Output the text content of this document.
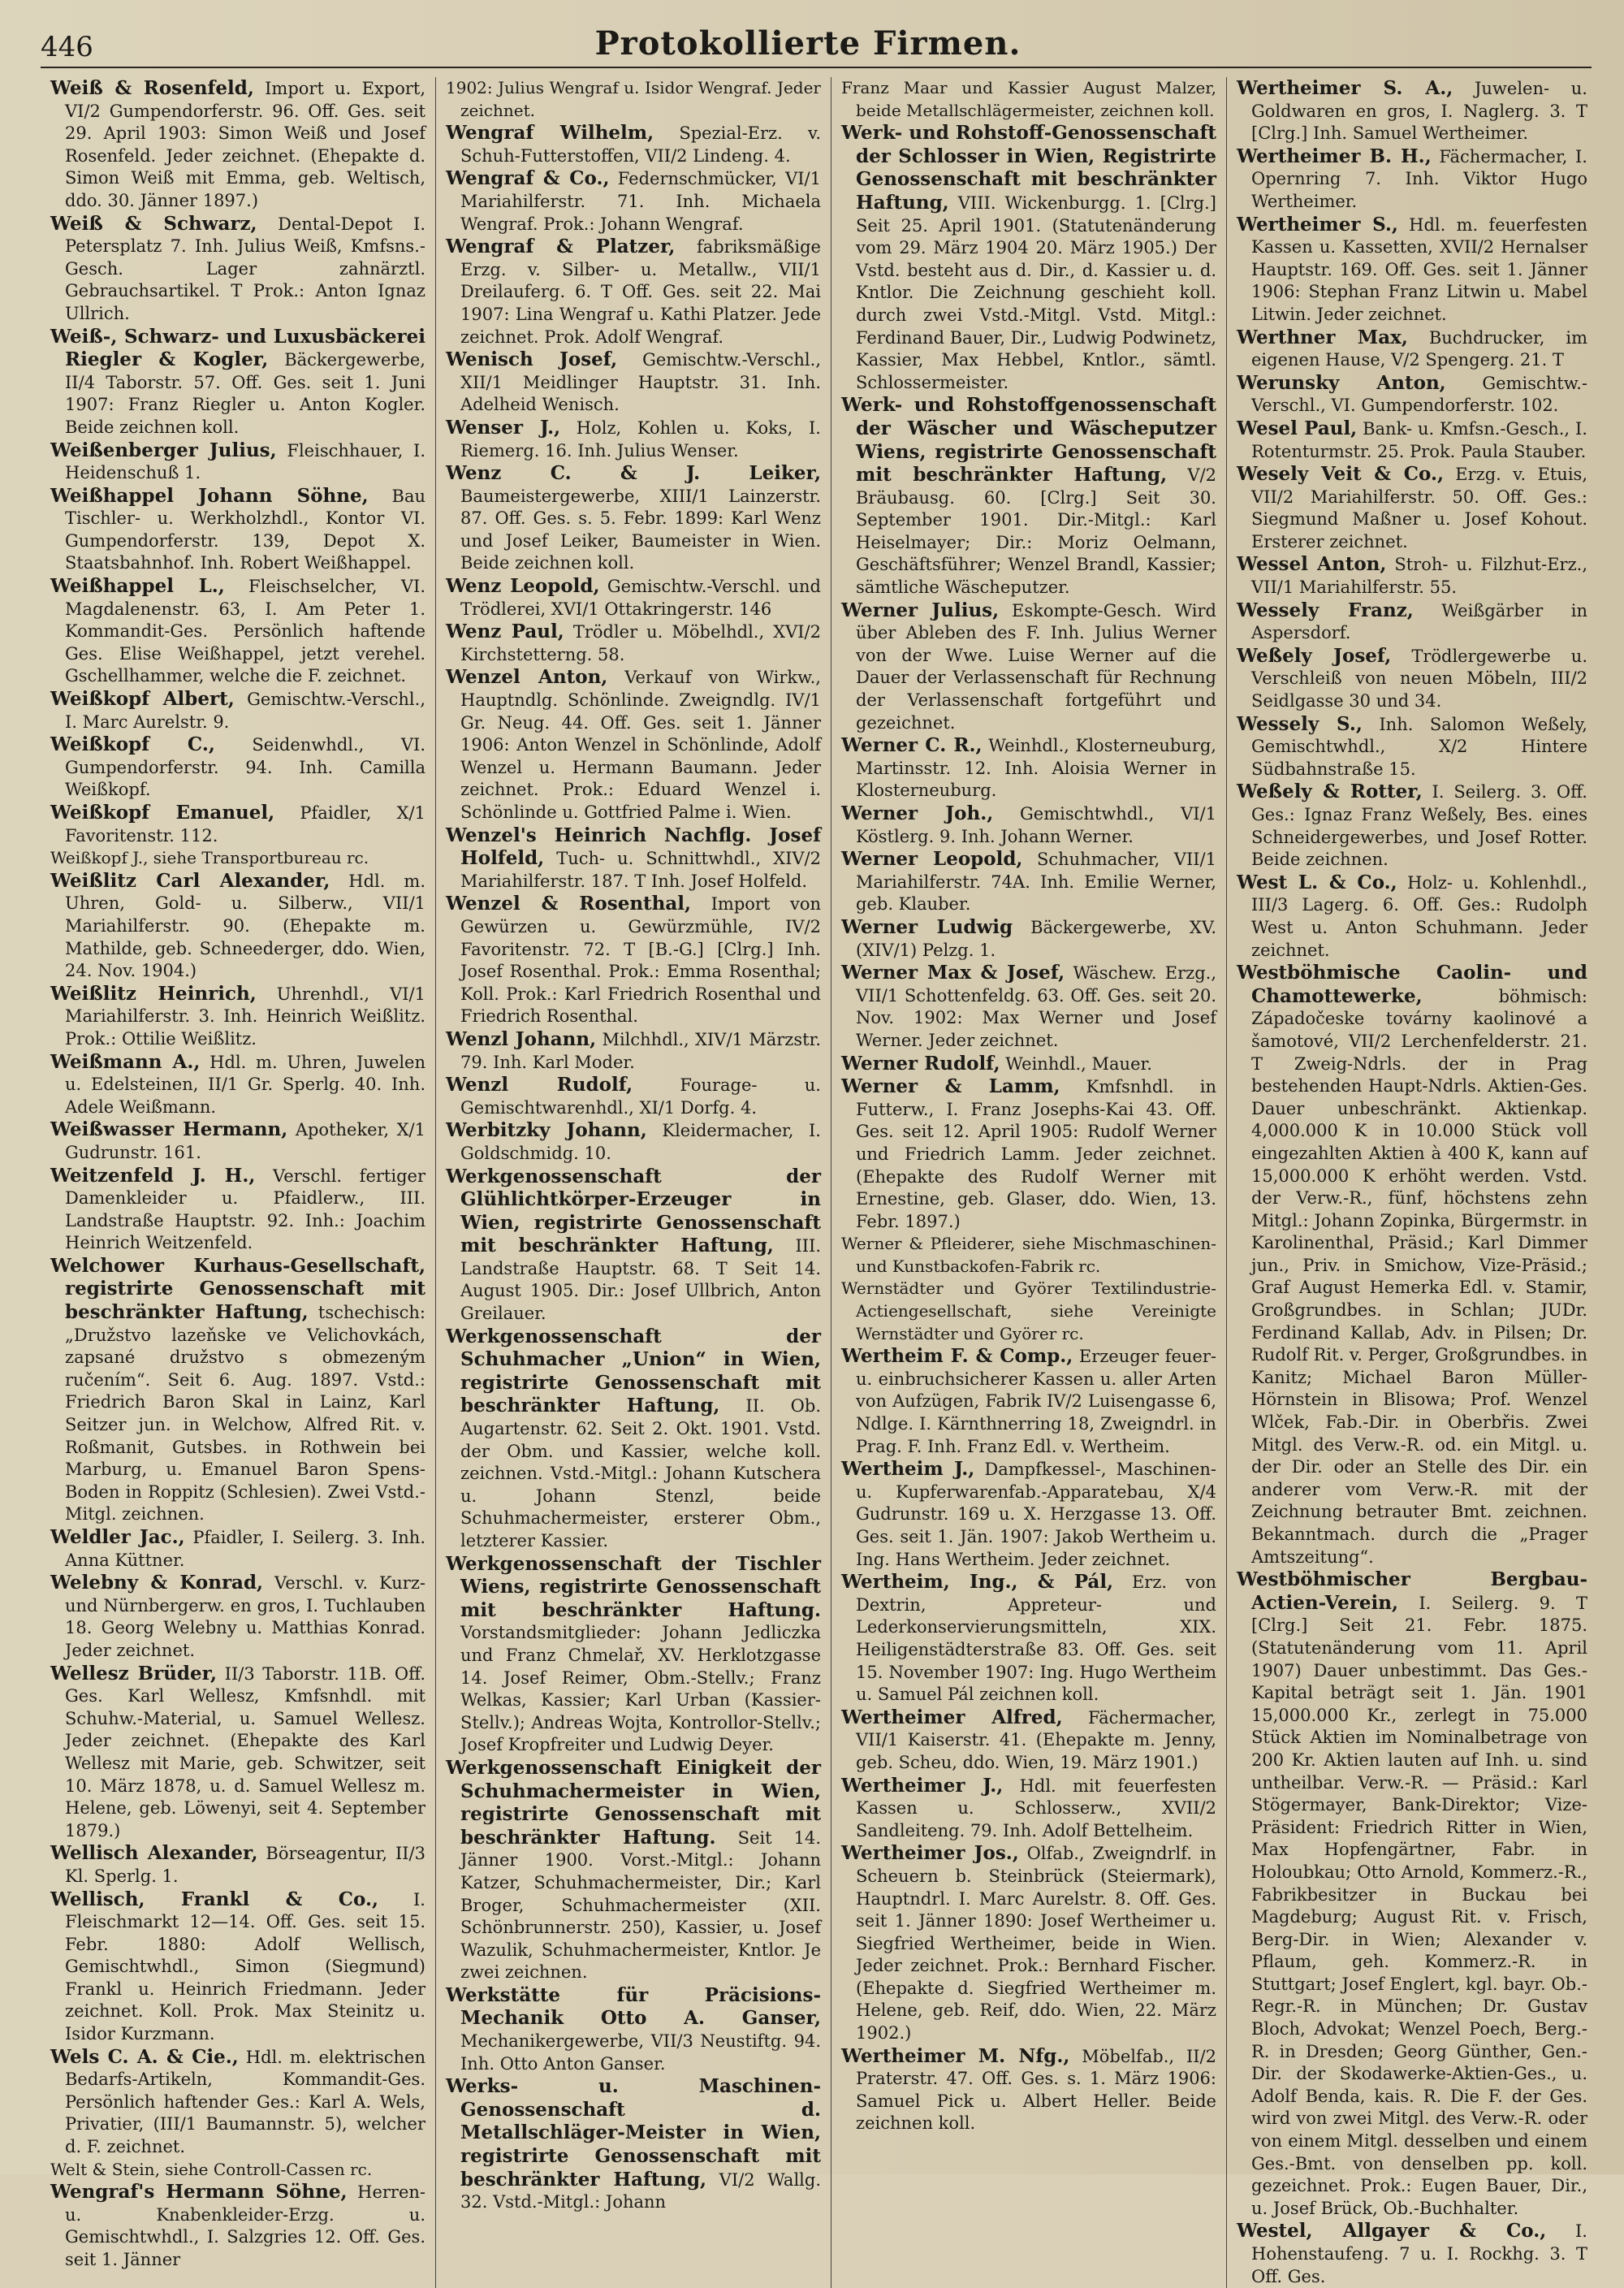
446	Protokollierte Firmen.

Weiß & Rosenfeld, Import u. Export, VI/2 Gumpendorferstr. 96. Off. Ges. seit 29. April 1903: Simon Weiß und Josef Rosenfeld. Jeder zeichnet. (Ehepakte d. Simon Weiß mit Emma, geb. Weltisch, ddo. 30. Jänner 1897.)

Weiß & Schwarz, Dental-Depot I. Petersplatz 7. Inh. Julius Weiß, Kmfsns.-Gesch. Lager zahnärztl. Gebrauchsartikel. T Prok.: Anton Ignaz Ullrich.

Weiß-, Schwarz- und Luxusbäckerei Riegler & Kogler, Bäckergewerbe, II/4 Taborstr. 57. Off. Ges. seit 1. Juni 1907: Franz Riegler u. Anton Kogler. Beide zeichnen koll.

Weißenberger Julius, Fleischhauer, I. Heidenschuß 1.

Weißhappel Johann Söhne, Bau Tischler- u. Werkholzhdl., Kontor VI. Gumpendorferstr. 139, Depot X. Staatsbahnhof. Inh. Robert Weißhappel.

Weißhappel L., Fleischselcher, VI. Magdalenenstr. 63, I. Am Peter 1. Kommandit-Ges. Persönlich haftende Ges. Elise Weißhappel, jetzt verehel. Gschellhammer, welche die F. zeichnet.

Weißkopf Albert, Gemischtw.-Verschl., I. Marc Aurelstr. 9.

Weißkopf C., Seidenwhdl., VI. Gumpendorferstr. 94. Inh. Camilla Weißkopf.

Weißkopf Emanuel, Pfaidler, X/1 Favoritenstr. 112.

Weißkopf J., siehe Transportbureau rc.

Weißlitz Carl Alexander, Hdl. m. Uhren, Gold- u. Silberw., VII/1 Mariahilferstr. 90. (Ehepakte m. Mathilde, geb. Schneederger, ddo. Wien, 24. Nov. 1904.)

Weißlitz Heinrich, Uhrenhdl., VI/1 Mariahilferstr. 3. Inh. Heinrich Weißlitz. Prok.: Ottilie Weißlitz.

Weißmann A., Hdl. m. Uhren, Juwelen u. Edelsteinen, II/1 Gr. Sperlg. 40. Inh. Adele Weißmann.

Weißwasser Hermann, Apotheker, X/1 Gudrunstr. 161.

Weitzenfeld J. H., Verschl. fertiger Damenkleider u. Pfaidlerw., III. Landstraße Hauptstr. 92. Inh.: Joachim Heinrich Weitzenfeld.

Welchower Kurhaus-Gesellschaft, registrirte Genossenschaft mit beschränkter Haftung, tschechisch: „Družstvo lazeňske ve Velichovkách, zapsané družstvo s obmezeným ručením“. Seit 6. Aug. 1897. Vstd.: Friedrich Baron Skal in Lainz, Karl Seitzer jun. in Welchow, Alfred Rit. v. Roßmanit, Gutsbes. in Rothwein bei Marburg, u. Emanuel Baron Spens-Boden in Roppitz (Schlesien). Zwei Vstd.-Mitgl. zeichnen.

Weldler Jac., Pfaidler, I. Seilerg. 3. Inh. Anna Küttner.

Welebny & Konrad, Verschl. v. Kurz- und Nürnbergerw. en gros, I. Tuchlauben 18. Georg Welebny u. Matthias Konrad. Jeder zeichnet.

Wellesz Brüder, II/3 Taborstr. 11B. Off. Ges. Karl Wellesz, Kmfsnhdl. mit Schuhw.-Material, u. Samuel Wellesz. Jeder zeichnet. (Ehepakte des Karl Wellesz mit Marie, geb. Schwitzer, seit 10. März 1878, u. d. Samuel Wellesz m. Helene, geb. Löwenyi, seit 4. September 1879.)

Wellisch Alexander, Börseagentur, II/3 Kl. Sperlg. 1.

Wellisch, Frankl & Co., I. Fleischmarkt 12—14. Off. Ges. seit 15. Febr. 1880: Adolf Wellisch, Gemischtwhdl., Simon (Siegmund) Frankl u. Heinrich Friedmann. Jeder zeichnet. Koll. Prok. Max Steinitz u. Isidor Kurzmann.

Wels C. A. & Cie., Hdl. m. elektrischen Bedarfs-Artikeln, Kommandit-Ges. Persönlich haftender Ges.: Karl A. Wels, Privatier, (III/1 Baumannstr. 5), welcher d. F. zeichnet.

Welt & Stein, siehe Controll-Cassen rc.

Wengraf's Hermann Söhne, Herren- u. Knabenkleider-Erzg. u. Gemischtwhdl., I. Salzgries 12. Off. Ges. seit 1. Jänner

1902: Julius Wengraf u. Isidor Wengraf. Jeder zeichnet.

Wengraf Wilhelm, Spezial-Erz. v. Schuh-Futterstoffen, VII/2 Lindeng. 4.

Wengraf & Co., Federnschmücker, VI/1 Mariahilferstr. 71. Inh. Michaela Wengraf. Prok.: Johann Wengraf.

Wengraf & Platzer, fabriksmäßige Erzg. v. Silber- u. Metallw., VII/1 Dreilauferg. 6. T Off. Ges. seit 22. Mai 1907: Lina Wengraf u. Kathi Platzer. Jede zeichnet. Prok. Adolf Wengraf.

Wenisch Josef, Gemischtw.-Verschl., XII/1 Meidlinger Hauptstr. 31. Inh. Adelheid Wenisch.

Wenser J., Holz, Kohlen u. Koks, I. Riemerg. 16. Inh. Julius Wenser.

Wenz C. & J. Leiker, Baumeistergewerbe, XIII/1 Lainzerstr. 87. Off. Ges. s. 5. Febr. 1899: Karl Wenz und Josef Leiker, Baumeister in Wien. Beide zeichnen koll.

Wenz Leopold, Gemischtw.-Verschl. und Trödlerei, XVI/1 Ottakringerstr. 146

Wenz Paul, Trödler u. Möbelhdl., XVI/2 Kirchstetterng. 58.

Wenzel Anton, Verkauf von Wirkw., Hauptndlg. Schönlinde. Zweigndlg. IV/1 Gr. Neug. 44. Off. Ges. seit 1. Jänner 1906: Anton Wenzel in Schönlinde, Adolf Wenzel u. Hermann Baumann. Jeder zeichnet. Prok.: Eduard Wenzel i. Schönlinde u. Gottfried Palme i. Wien.

Wenzel's Heinrich Nachflg. Josef Holfeld, Tuch- u. Schnittwhdl., XIV/2 Mariahilferstr. 187. T Inh. Josef Holfeld.

Wenzel & Rosenthal, Import von Gewürzen u. Gewürzmühle, IV/2 Favoritenstr. 72. T [B.-G.] [Clrg.] Inh. Josef Rosenthal. Prok.: Emma Rosenthal; Koll. Prok.: Karl Friedrich Rosenthal und Friedrich Rosenthal.

Wenzl Johann, Milchhdl., XIV/1 Märzstr. 79. Inh. Karl Moder.

Wenzl Rudolf,	Fourage- u. Gemischtwarenhdl., XI/1 Dorfg. 4.

Werbitzky Johann, Kleidermacher, I. Goldschmidg. 10.

Werkgenossenschaft der Glühlichtkörper-Erzeuger in Wien, registrirte Genossenschaft mit beschränkter Haftung, III. Landstraße Hauptstr. 68. T Seit 14. August 1905. Dir.: Josef Ullbrich, Anton Greilauer.

Werkgenossenschaft der Schuhmacher „Union“ in Wien, registrirte Genossenschaft mit beschränkter Haftung, II. Ob. Augartenstr. 62. Seit 2. Okt. 1901. Vstd. der Obm. und Kassier, welche koll. zeichnen. Vstd.-Mitgl.: Johann Kutschera u. Johann Stenzl, beide Schuhmachermeister, ersterer Obm., letzterer Kassier.

Werkgenossenschaft der Tischler Wiens, registrirte Genossenschaft mit beschränkter Haftung. Vorstandsmitglieder: Johann Jedliczka und Franz Chmelař, XV. Herklotzgasse 14. Josef Reimer, Obm.-Stellv.; Franz Welkas, Kassier; Karl Urban (Kassier-Stellv.); Andreas Wojta, Kontrollor-Stellv.; Josef Kropfreiter und Ludwig Deyer.

Werkgenossenschaft Einigkeit der Schuhmachermeister in Wien, registrirte Genossenschaft mit beschränkter Haftung. Seit 14. Jänner 1900. Vorst.-Mitgl.: Johann Katzer, Schuhmachermeister, Dir.; Karl Broger, Schuhmachermeister (XII. Schönbrunnerstr. 250), Kassier, u. Josef Wazulik, Schuhmachermeister, Kntlor. Je zwei zeichnen.

Werkstätte für Präcisions-Mechanik Otto A. Ganser, Mechanikergewerbe, VII/3 Neustiftg. 94. Inh. Otto Anton Ganser.

Werks- u. Maschinen-Genossenschaft d. Metallschläger-Meister in Wien, registrirte Genossenschaft mit beschränkter Haftung, VI/2 Wallg. 32. Vstd.-Mitgl.: Johann

Franz Maar und Kassier August Malzer, beide Metallschlägermeister, zeichnen koll.

Werk- und Rohstoff-Genossenschaft der Schlosser in Wien, Registrirte Genossenschaft mit beschränkter Haftung, VIII. Wickenburgg. 1. [Clrg.] Seit 25. April 1901. (Statutenänderung vom 29. März 1904 20. März 1905.) Der Vstd. besteht aus d. Dir., d. Kassier u. d. Kntlor. Die Zeichnung geschieht koll. durch zwei Vstd.-Mitgl. Vstd. Mitgl.: Ferdinand Bauer, Dir., Ludwig Podwinetz, Kassier, Max Hebbel, Kntlor., sämtl. Schlossermeister.

Werk- und Rohstoffgenossenschaft der Wäscher und Wäscheputzer Wiens, registrirte Genossenschaft mit beschränkter Haftung, V/2 Bräubausg. 60. [Clrg.] Seit 30. September 1901. Dir.-Mitgl.: Karl Heiselmayer; Dir.: Moriz Oelmann, Geschäftsführer; Wenzel Brandl, Kassier; sämtliche Wäscheputzer.

Werner Julius, Eskompte-Gesch. Wird über Ableben des F. Inh. Julius Werner von der Wwe. Luise Werner auf die Dauer der Verlassenschaft für Rechnung der Verlassenschaft fortgeführt und gezeichnet.

Werner C. R., Weinhdl., Klosterneuburg, Martinsstr. 12. Inh. Aloisia Werner in Klosterneuburg.

Werner Joh., Gemischtwhdl., VI/1 Köstlerg. 9. Inh. Johann Werner.

Werner Leopold, Schuhmacher, VII/1 Mariahilferstr. 74A. Inh. Emilie Werner, geb. Klauber.

Werner Ludwig Bäckergewerbe, XV. (XIV/1) Pelzg. 1.

Werner Max & Josef, Wäschew. Erzg., VII/1 Schottenfeldg. 63. Off. Ges. seit 20. Nov. 1902: Max Werner und Josef Werner. Jeder zeichnet.

Werner Rudolf, Weinhdl., Mauer.

Werner & Lamm, Kmfsnhdl. in Futterw., I. Franz Josephs-Kai 43. Off. Ges. seit 12. April 1905: Rudolf Werner und Friedrich Lamm. Jeder zeichnet. (Ehepakte des Rudolf Werner mit Ernestine, geb. Glaser, ddo. Wien, 13. Febr. 1897.)

Werner & Pfleiderer, siehe Mischmaschinen- und Kunstbackofen-Fabrik rc.

Wernstädter und Györer Textilindustrie-Actiengesellschaft, siehe Vereinigte Wernstädter und Györer rc.

Wertheim F. & Comp., Erzeuger feuer- u. einbruchsicherer Kassen u. aller Arten von Aufzügen, Fabrik IV/2 Luisengasse 6, Ndlge. I. Kärnthnerring 18, Zweigndrl. in Prag. F. Inh. Franz Edl. v. Wertheim.

Wertheim J., Dampfkessel-, Maschinen- u. Kupferwarenfab.-Apparatebau, X/4 Gudrunstr. 169 u. X. Herzgasse 13. Off. Ges. seit 1. Jän. 1907: Jakob Wertheim u. Ing. Hans Wertheim. Jeder zeichnet.

Wertheim, Ing., & Pál, Erz. von Dextrin, Appreteur- und Lederkonservierungsmitteln, XIX. Heiligenstädterstraße 83. Off. Ges. seit 15. November 1907: Ing. Hugo Wertheim u. Samuel Pál zeichnen koll.

Wertheimer Alfred, Fächermacher, VII/1 Kaiserstr. 41. (Ehepakte m. Jenny, geb. Scheu, ddo. Wien, 19. März 1901.)

Wertheimer J., Hdl. mit feuerfesten Kassen u. Schlosserw., XVII/2 Sandleiteng. 79. Inh. Adolf Bettelheim.

Wertheimer Jos., Olfab., Zweigndrlf. in Scheuern b. Steinbrück (Steiermark), Hauptndrl. I. Marc Aurelstr. 8. Off. Ges. seit 1. Jänner 1890: Josef Wertheimer u. Siegfried Wertheimer, beide in Wien. Jeder zeichnet. Prok.: Bernhard Fischer. (Ehepakte d. Siegfried Wertheimer m. Helene, geb. Reif, ddo. Wien, 22. März 1902.)

Wertheimer M. Nfg., Möbelfab., II/2 Praterstr. 47. Off. Ges. s. 1. März 1906: Samuel Pick u. Albert Heller. Beide zeichnen koll.

Wertheimer S. A., Juwelen- u. Goldwaren en gros, I. Naglerg. 3. T [Clrg.] Inh. Samuel Wertheimer.

Wertheimer B. H., Fächermacher, I. Opernring 7. Inh. Viktor Hugo Wertheimer.

Wertheimer S., Hdl. m. feuerfesten Kassen u. Kassetten, XVII/2 Hernalser Hauptstr. 169. Off. Ges. seit 1. Jänner 1906: Stephan Franz Litwin u. Mabel Litwin. Jeder zeichnet.

Werthner Max, Buchdrucker, im eigenen Hause, V/2 Spengerg. 21. T

Werunsky Anton, Gemischtw.-Verschl., VI. Gumpendorferstr. 102.

Wesel Paul, Bank- u. Kmfsn.-Gesch., I. Rotenturmstr. 25. Prok. Paula Stauber.

Wesely Veit & Co., Erzg. v. Etuis, VII/2 Mariahilferstr. 50. Off. Ges.: Siegmund Maßner u. Josef Kohout. Ersterer zeichnet.

Wessel Anton, Stroh- u. Filzhut-Erz., VII/1 Mariahilferstr. 55.

Wessely Franz, Weißgärber in Aspersdorf.

Weßely Josef, Trödlergewerbe u. Verschleiß von neuen Möbeln, III/2 Seidlgasse 30 und 34.

Wessely S., Inh. Salomon Weßely, Gemischtwhdl., X/2 Hintere Südbahnstraße 15.

Weßely & Rotter, I. Seilerg. 3. Off. Ges.: Ignaz Franz Weßely, Bes. eines Schneidergewerbes, und Josef Rotter. Beide zeichnen.

West L. & Co., Holz- u. Kohlenhdl., III/3 Lagerg. 6. Off. Ges.: Rudolph West u. Anton Schuhmann. Jeder zeichnet.

Westböhmische Caolin- und Chamottewerke,	böhmisch: Západočeske továrny kaolinové a šamotové, VII/2 Lerchenfelderstr. 21. T Zweig-Ndrls. der in Prag bestehenden Haupt-Ndrls. Aktien-Ges. Dauer unbeschränkt. Aktienkap. 4,000.000 K in 10.000 Stück voll eingezahlten Aktien à 400 K, kann auf 15,000.000 K erhöht werden. Vstd. der Verw.-R., fünf, höchstens zehn Mitgl.: Johann Zopinka, Bürgermstr. in Karolinenthal, Präsid.; Karl Dimmer jun., Priv. in Smichow, Vize-Präsid.; Graf August Hemerka Edl. v. Stamir, Großgrundbes. in Schlan; JUDr. Ferdinand Kallab, Adv. in Pilsen; Dr. Rudolf Rit. v. Perger, Großgrundbes. in Kanitz; Michael Baron Müller-Hörnstein in Blisowa; Prof. Wenzel Wlček, Fab.-Dir. in Oberbřis. Zwei Mitgl. des Verw.-R. od. ein Mitgl. u. der Dir. oder an Stelle des Dir. ein anderer vom Verw.-R. mit der Zeichnung betrauter Bmt. zeichnen. Bekanntmach. durch die „Prager Amtszeitung“.

Westböhmischer Bergbau-Actien-Verein, I. Seilerg. 9. T [Clrg.] Seit 21. Febr. 1875. (Statutenänderung vom 11. April 1907) Dauer unbestimmt. Das Ges.-Kapital beträgt seit 1. Jän. 1901 15,000.000 Kr., zerlegt in 75.000 Stück Aktien im Nominalbetrage von 200 Kr. Aktien lauten auf Inh. u. sind untheilbar. Verw.-R. — Präsid.: Karl Stögermayer, Bank-Direktor; Vize-Präsident: Friedrich Ritter in Wien, Max Hopfengärtner, Fabr. in Holoubkau; Otto Arnold, Kommerz.-R., Fabrikbesitzer in Buckau bei Magdeburg; August Rit. v. Frisch, Berg-Dir. in Wien; Alexander v. Pflaum, geh. Kommerz.-R. in Stuttgart; Josef Englert, kgl. bayr. Ob.-Regr.-R. in München; Dr. Gustav Bloch, Advokat; Wenzel Poech, Berg.-R. in Dresden; Georg Günther, Gen.-Dir. der Skodawerke-Aktien-Ges., u. Adolf Benda, kais. R. Die F. der Ges. wird von zwei Mitgl. des Verw.-R. oder von einem Mitgl. desselben und einem Ges.-Bmt. von denselben pp. koll. gezeichnet. Prok.: Eugen Bauer, Dir., u. Josef Brück, Ob.-Buchhalter.

Westel, Allgayer & Co., I. Hohenstaufeng. 7 u. I. Rockhg. 3. T Off. Ges.
